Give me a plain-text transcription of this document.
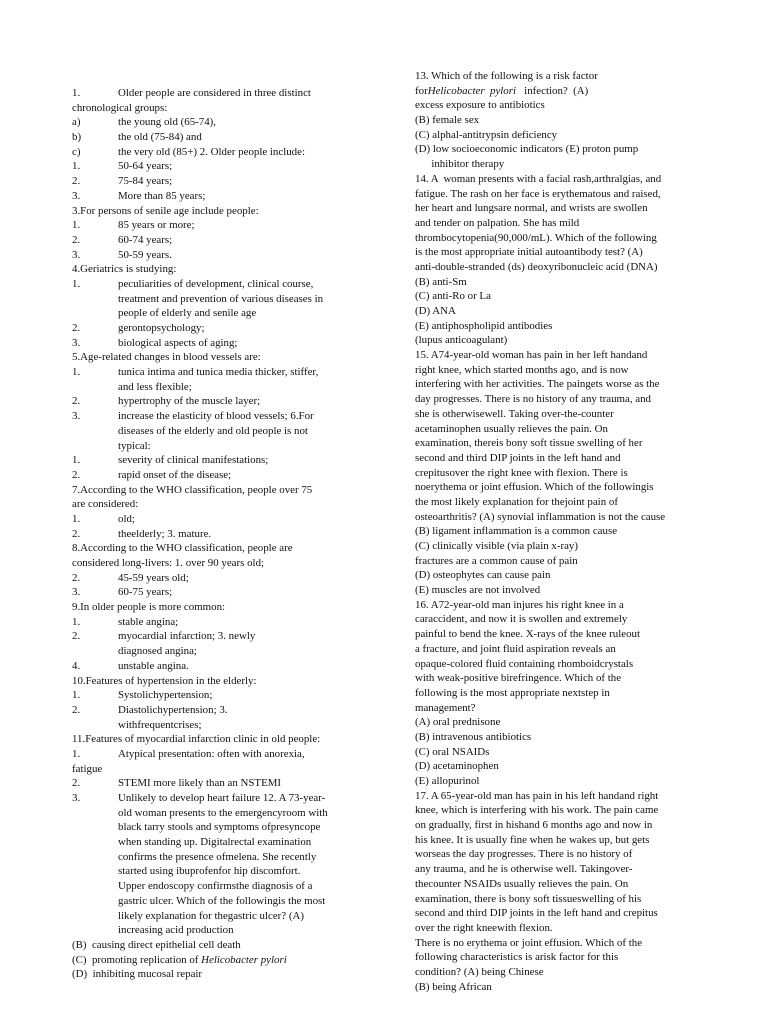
1.	Older people are considered in three distinct
chronological groups:
a)	the young old (65-74),
b)	the old (75-84) and
c)	the very old (85+) 2. Older people include:
1.	50-64 years;
2.	75-84 years;
3.	More than 85 years;
3.For persons of senile age include people:
1.	85 years or more;
2.	60-74 years;
3.	50-59 years.
4.Geriatrics is studying:
1.	peculiarities of development, clinical course,
treatment and prevention of various diseases in
people of elderly and senile age
2.	gerontopsychology;
3.	biological aspects of aging;
5.Age-related changes in blood vessels are:
1.	tunica intima and tunica media thicker, stiffer,
and less flexible;
2.	hypertrophy of the muscle layer;
3.	increase the elasticity of blood vessels; 6.For
diseases of the elderly and old people is not
typical:
1.	severity of clinical manifestations;
2.	rapid onset of the disease;
7.According to the WHO classification, people over 75
are considered:
1.	old;
2.	theelderly; 3. mature.
8.According to the WHO classification, people are
considered long-livers: 1. over 90 years old;
2.	45-59 years old;
3.	60-75 years;
9.In older people is more common:
1.	stable angina;
2.	myocardial infarction; 3. newly
diagnosed angina;
4.	unstable angina.
10.Features of hypertension in the elderly:
1.	Systolichypertension;
2.	Diastolichypertension; 3.
withfrequentcrises;
11.Features of myocardial infarction clinic in old people:
1.	Atypical presentation: often with anorexia,
fatigue
2.	STEMI more likely than an NSTEMI
3.	Unlikely to develop heart failure 12. A 73-year-
old woman presents to the emergencyroom with
black tarry stools and symptoms ofpresyncope
when standing up. Digitalrectal examination
confirms the presence ofmelena. She recently
started using ibuprofenfor hip discomfort.
Upper endoscopy confirmsthe diagnosis of a
gastric ulcer. Which of the followingis the most
likely explanation for thegastric ulcer? (A)
increasing acid production
(B)  causing direct epithelial cell death
(C)  promoting replication of Helicobacter pylori
(D)  inhibiting mucosal repair
13. Which of the following is a risk factor
forHelicobacter  pylori   infection?  (A)
excess exposure to antibiotics
(B) female sex
(C) alphal-antitrypsin deficiency
(D) low socioeconomic indicators (E) proton pump
inhibitor therapy
14. A  woman presents with a facial rash,arthralgias, and
fatigue. The rash on her face is erythematous and raised,
her heart and lungsare normal, and wrists are swollen
and tender on palpation. She has mild
thrombocytopenia(90,000/mL). Which of the following
is the most appropriate initial autoantibody test? (A)
anti-double-stranded (ds) deoxyribonucleic acid (DNA)
(B) anti-Sm
(C) anti-Ro or La
(D) ANA
(E) antiphospholipid antibodies
(lupus anticoagulant)
15. A74-year-old woman has pain in her left handand
right knee, which started months ago, and is now
interfering with her activities. The paingets worse as the
day progresses. There is no history of any trauma, and
she is otherwisewell. Taking over-the-counter
acetaminophen usually relieves the pain. On
examination, thereis bony soft tissue swelling of her
second and third DIP joints in the left hand and
crepitusover the right knee with flexion. There is
noerythema or joint effusion. Which of the followingis
the most likely explanation for thejoint pain of
osteoarthritis? (A) synovial inflammation is not the cause
(B) ligament inflammation is a common cause
(C) clinically visible (via plain x-ray)
fractures are a common cause of pain
(D) osteophytes can cause pain
(E) muscles are not involved
16. A72-year-old man injures his right knee in a
caraccident, and now it is swollen and extremely
painful to bend the knee. X-rays of the knee ruleout
a fracture, and joint fluid aspiration reveals an
opaque-colored fluid containing rhomboidcrystals
with weak-positive birefringence. Which of the
following is the most appropriate nextstep in
management?
(A) oral prednisone
(B) intravenous antibiotics
(C) oral NSAIDs
(D) acetaminophen
(E) allopurinol
17. A 65-year-old man has pain in his left handand right
knee, which is interfering with his work. The pain came
on gradually, first in hishand 6 months ago and now in
his knee. It is usually fine when he wakes up, but gets
worseas the day progresses. There is no history of
any trauma, and he is otherwise well. Takingover-
thecounter NSAIDs usually relieves the pain. On
examination, there is bony soft tissueswelling of his
second and third DIP joints in the left hand and crepitus
over the right kneewith flexion.
There is no erythema or joint effusion. Which of the
following characteristics is arisk factor for this
condition? (A) being Chinese
(B) being African
